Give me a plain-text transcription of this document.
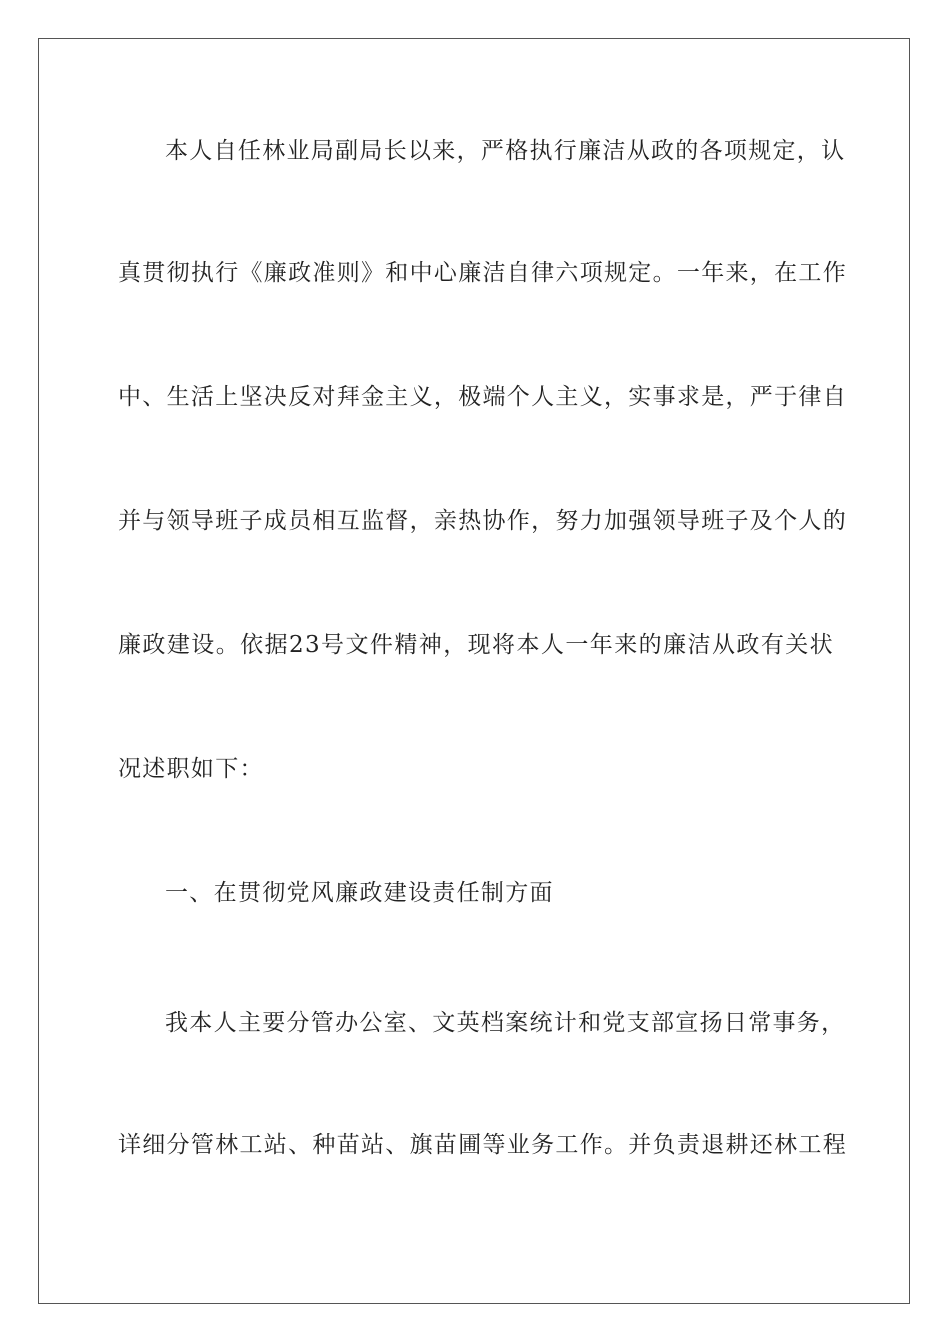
本人自任林业局副局长以来，严格执行廉洁从政的各项规定，认
真贯彻执行《廉政准则》和中心廉洁自律六项规定。一年来，在工作
中、生活上坚决反对拜金主义，极端个人主义，实事求是，严于律自
并与领导班子成员相互监督，亲热协作，努力加强领导班子及个人的
廉政建设。依据23号文件精神，现将本人一年来的廉洁从政有关状
况述职如下：
一、在贯彻党风廉政建设责任制方面
我本人主要分管办公室、文英档案统计和党支部宣扬日常事务，
详细分管林工站、种苗站、旗苗圃等业务工作。并负责退耕还林工程
